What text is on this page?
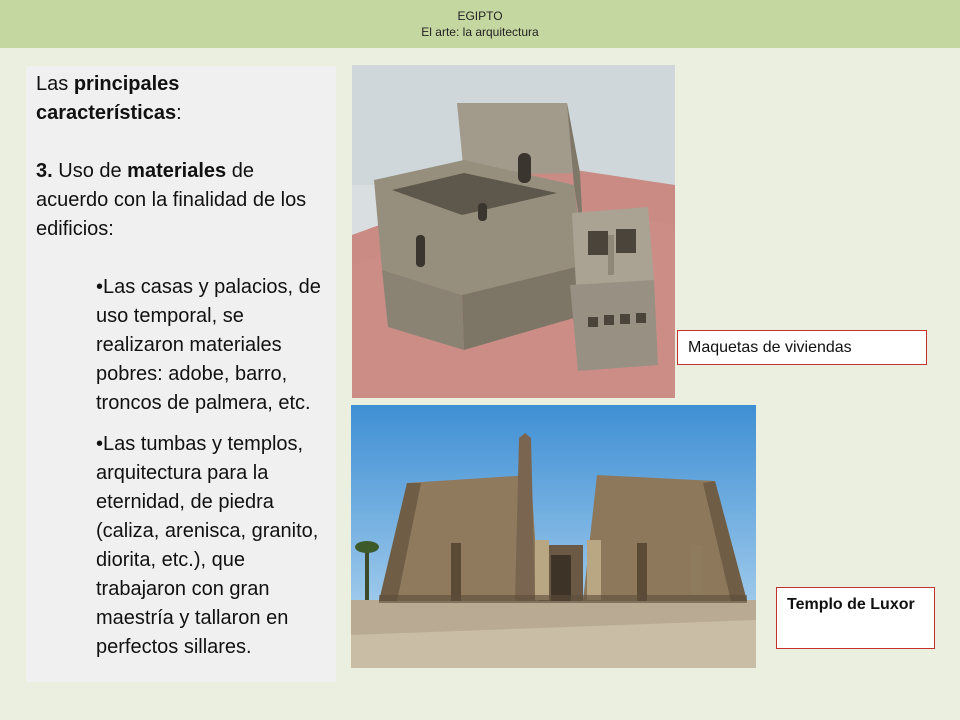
EGIPTO
El arte: la arquitectura

Las principales características:

3. Uso de materiales de acuerdo con la finalidad de los edificios:

•Las casas y palacios, de uso temporal, se realizaron materiales pobres: adobe, barro, troncos de palmera, etc.
•Las tumbas y templos, arquitectura para la eternidad, de piedra (caliza, arenisca, granito, diorita, etc.), que trabajaron con gran maestría y tallaron en perfectos sillares.
Maquetas de viviendas
Templo de Luxor
